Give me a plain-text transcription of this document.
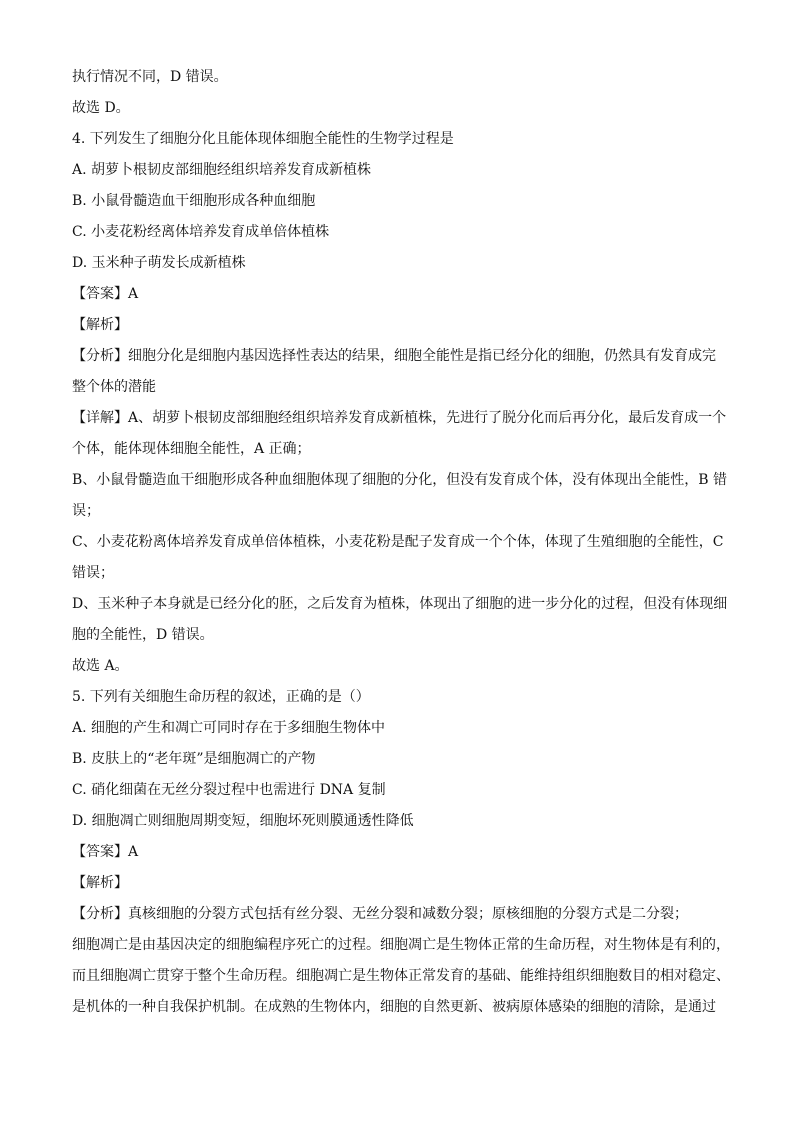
执行情况不同，D 错误。
故选 D。
4. 下列发生了细胞分化且能体现体细胞全能性的生物学过程是
A. 胡萝卜根韧皮部细胞经组织培养发育成新植株
B. 小鼠骨髓造血干细胞形成各种血细胞
C. 小麦花粉经离体培养发育成单倍体植株
D. 玉米种子萌发长成新植株
【答案】A
【解析】
【分析】细胞分化是细胞内基因选择性表达的结果，细胞全能性是指已经分化的细胞，仍然具有发育成完
整个体的潜能
【详解】A、胡萝卜根韧皮部细胞经组织培养发育成新植株，先进行了脱分化而后再分化，最后发育成一个
个体，能体现体细胞全能性，A 正确；
B、小鼠骨髓造血干细胞形成各种血细胞体现了细胞的分化，但没有发育成个体，没有体现出全能性，B 错
误；
C、小麦花粉离体培养发育成单倍体植株，小麦花粉是配子发育成一个个体，体现了生殖细胞的全能性，C
错误；
D、玉米种子本身就是已经分化的胚，之后发育为植株，体现出了细胞的进一步分化的过程，但没有体现细
胞的全能性，D 错误。
故选 A。
5. 下列有关细胞生命历程的叙述，正确的是（）
A. 细胞的产生和凋亡可同时存在于多细胞生物体中
B. 皮肤上的“老年斑”是细胞凋亡的产物
C. 硝化细菌在无丝分裂过程中也需进行 DNA 复制
D. 细胞凋亡则细胞周期变短，细胞坏死则膜通透性降低
【答案】A
【解析】
【分析】真核细胞的分裂方式包括有丝分裂、无丝分裂和减数分裂；原核细胞的分裂方式是二分裂；
细胞凋亡是由基因决定的细胞编程序死亡的过程。细胞凋亡是生物体正常的生命历程，对生物体是有利的，
而且细胞凋亡贯穿于整个生命历程。细胞凋亡是生物体正常发育的基础、能维持组织细胞数目的相对稳定、
是机体的一种自我保护机制。在成熟的生物体内，细胞的自然更新、被病原体感染的细胞的清除，是通过
